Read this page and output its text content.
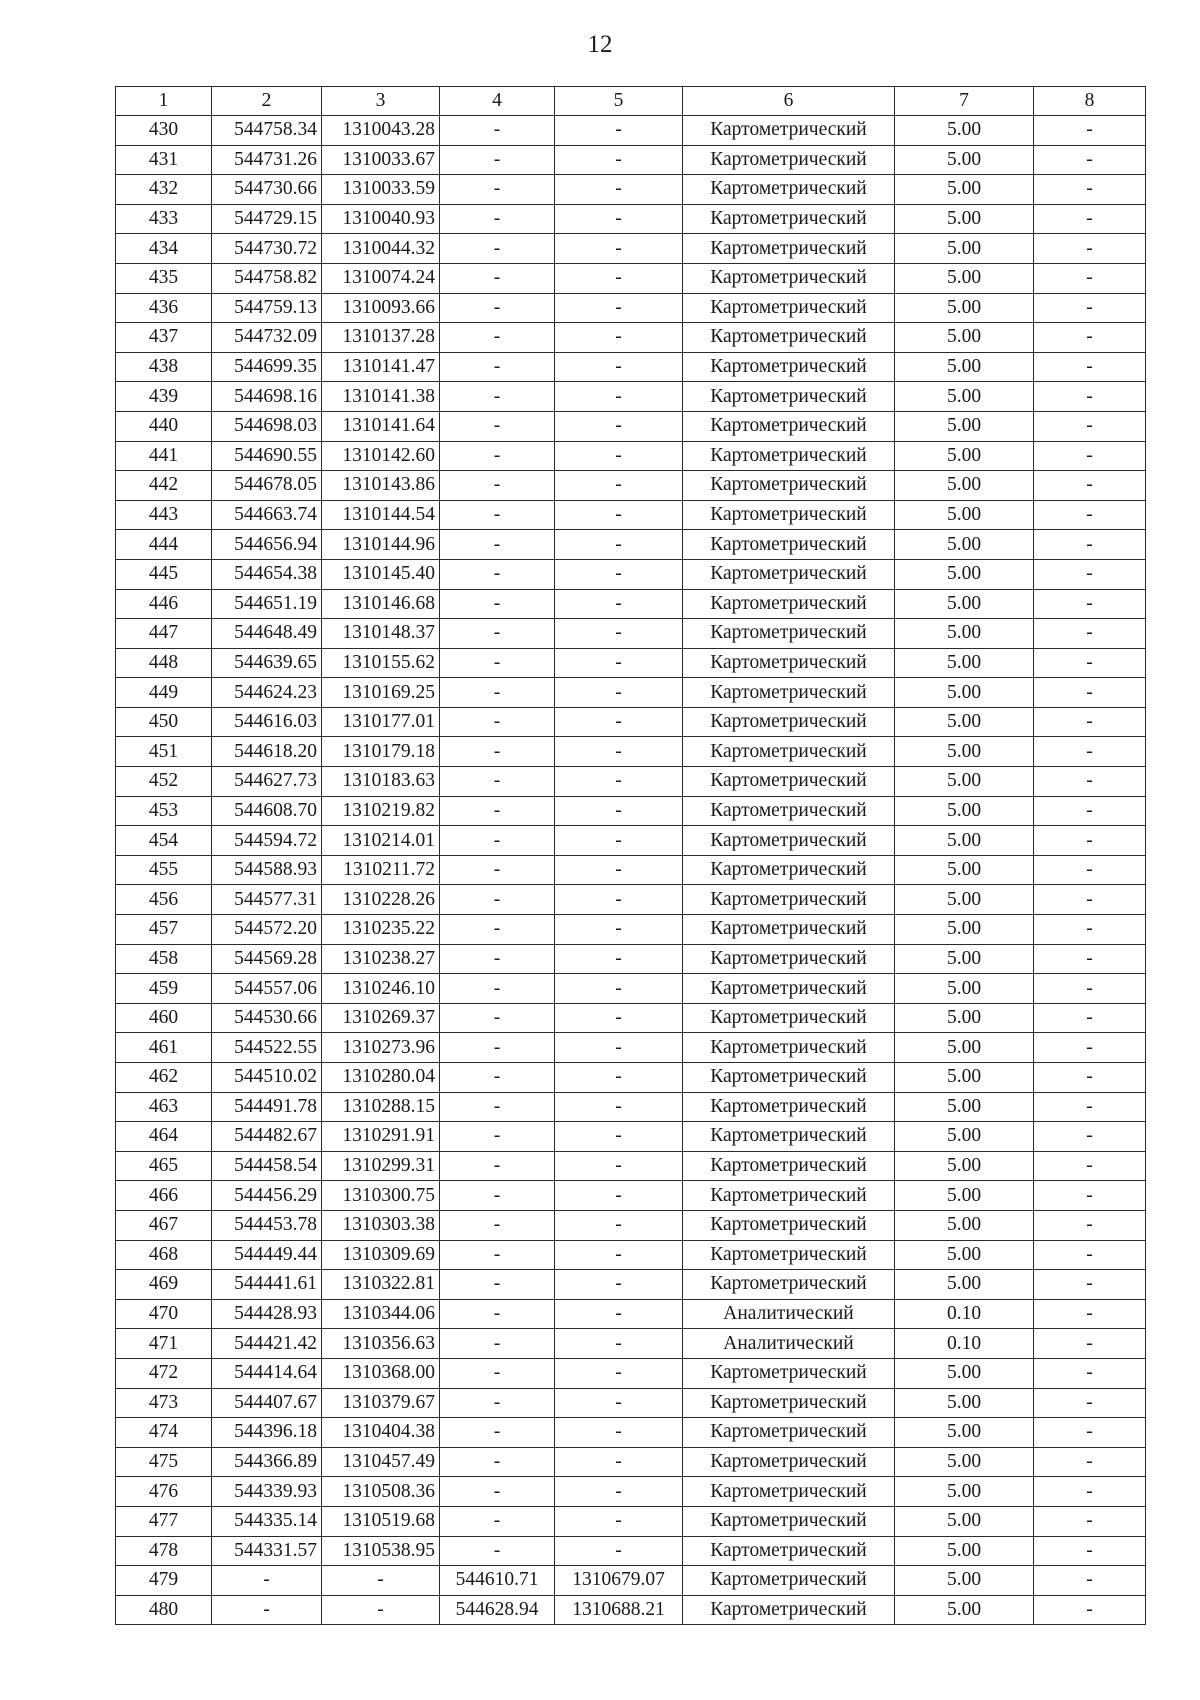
12
1	2	3	4	5	6	7	8
430	544758.34	1310043.28	-	-	Картометрический	5.00	-
431	544731.26	1310033.67	-	-	Картометрический	5.00	-
432	544730.66	1310033.59	-	-	Картометрический	5.00	-
433	544729.15	1310040.93	-	-	Картометрический	5.00	-
434	544730.72	1310044.32	-	-	Картометрический	5.00	-
435	544758.82	1310074.24	-	-	Картометрический	5.00	-
436	544759.13	1310093.66	-	-	Картометрический	5.00	-
437	544732.09	1310137.28	-	-	Картометрический	5.00	-
438	544699.35	1310141.47	-	-	Картометрический	5.00	-
439	544698.16	1310141.38	-	-	Картометрический	5.00	-
440	544698.03	1310141.64	-	-	Картометрический	5.00	-
441	544690.55	1310142.60	-	-	Картометрический	5.00	-
442	544678.05	1310143.86	-	-	Картометрический	5.00	-
443	544663.74	1310144.54	-	-	Картометрический	5.00	-
444	544656.94	1310144.96	-	-	Картометрический	5.00	-
445	544654.38	1310145.40	-	-	Картометрический	5.00	-
446	544651.19	1310146.68	-	-	Картометрический	5.00	-
447	544648.49	1310148.37	-	-	Картометрический	5.00	-
448	544639.65	1310155.62	-	-	Картометрический	5.00	-
449	544624.23	1310169.25	-	-	Картометрический	5.00	-
450	544616.03	1310177.01	-	-	Картометрический	5.00	-
451	544618.20	1310179.18	-	-	Картометрический	5.00	-
452	544627.73	1310183.63	-	-	Картометрический	5.00	-
453	544608.70	1310219.82	-	-	Картометрический	5.00	-
454	544594.72	1310214.01	-	-	Картометрический	5.00	-
455	544588.93	1310211.72	-	-	Картометрический	5.00	-
456	544577.31	1310228.26	-	-	Картометрический	5.00	-
457	544572.20	1310235.22	-	-	Картометрический	5.00	-
458	544569.28	1310238.27	-	-	Картометрический	5.00	-
459	544557.06	1310246.10	-	-	Картометрический	5.00	-
460	544530.66	1310269.37	-	-	Картометрический	5.00	-
461	544522.55	1310273.96	-	-	Картометрический	5.00	-
462	544510.02	1310280.04	-	-	Картометрический	5.00	-
463	544491.78	1310288.15	-	-	Картометрический	5.00	-
464	544482.67	1310291.91	-	-	Картометрический	5.00	-
465	544458.54	1310299.31	-	-	Картометрический	5.00	-
466	544456.29	1310300.75	-	-	Картометрический	5.00	-
467	544453.78	1310303.38	-	-	Картометрический	5.00	-
468	544449.44	1310309.69	-	-	Картометрический	5.00	-
469	544441.61	1310322.81	-	-	Картометрический	5.00	-
470	544428.93	1310344.06	-	-	Аналитический	0.10	-
471	544421.42	1310356.63	-	-	Аналитический	0.10	-
472	544414.64	1310368.00	-	-	Картометрический	5.00	-
473	544407.67	1310379.67	-	-	Картометрический	5.00	-
474	544396.18	1310404.38	-	-	Картометрический	5.00	-
475	544366.89	1310457.49	-	-	Картометрический	5.00	-
476	544339.93	1310508.36	-	-	Картометрический	5.00	-
477	544335.14	1310519.68	-	-	Картометрический	5.00	-
478	544331.57	1310538.95	-	-	Картометрический	5.00	-
479	-	-	544610.71	1310679.07	Картометрический	5.00	-
480	-	-	544628.94	1310688.21	Картометрический	5.00	-
